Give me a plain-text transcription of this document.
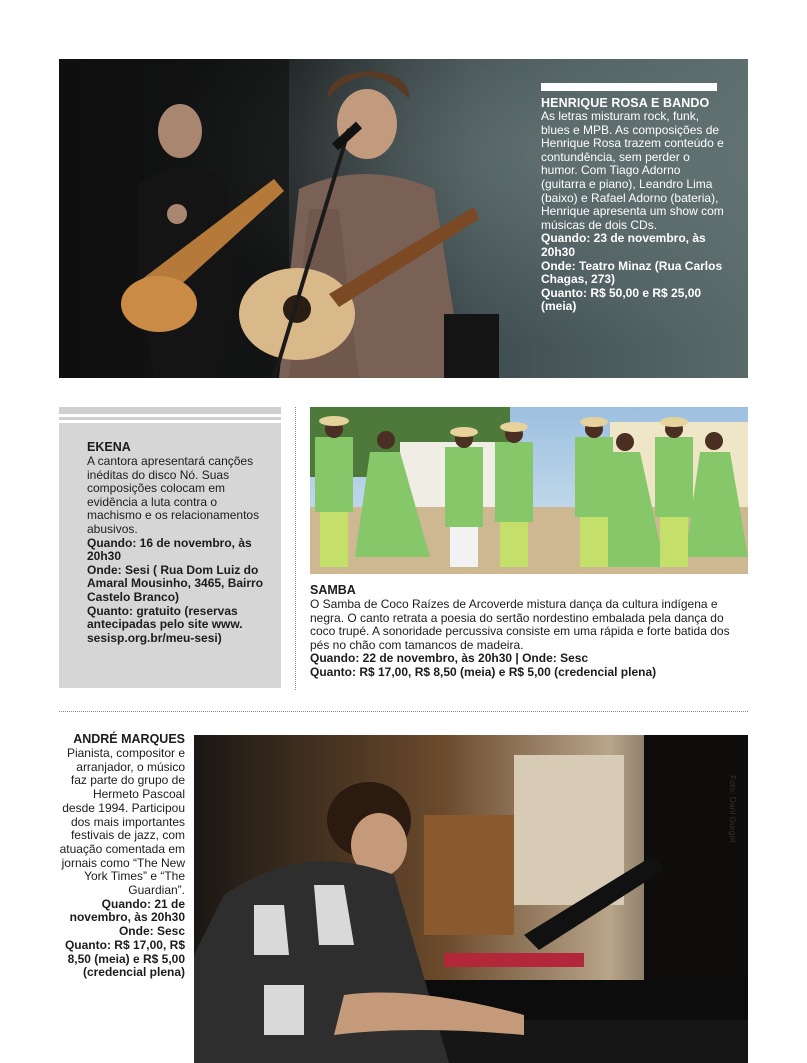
HENRIQUE ROSA E BANDO
As letras misturam rock, funk, blues e MPB. As composições de Henrique Rosa trazem conteúdo e contundência, sem perder o humor. Com Tiago Adorno (guitarra e piano), Leandro Lima (baixo) e Rafael Adorno (bateria), Henrique apresenta um show com músicas de dois CDs.
Quando: 23 de novembro, às 20h30
Onde: Teatro Minaz (Rua Carlos Chagas, 273)
Quanto: R$ 50,00 e R$ 25,00 (meia)
EKENA
A cantora apresentará canções inéditas do disco Nó. Suas composições colocam em evidência a luta contra o machismo e os relacionamentos abusivos.
Quando: 16 de novembro, às 20h30
Onde: Sesi ( Rua Dom Luiz do Amaral Mousinho, 3465, Bairro Castelo Branco)
Quanto: gratuito (reservas antecipadas pelo site www. sesisp.org.br/meu-sesi)
SAMBA
O Samba de Coco Raízes de Arcoverde mistura dança da cultura indígena e negra. O canto retrata a poesia do sertão nordestino embalada pela dança do coco trupé. A sonoridade percussiva consiste em uma rápida e forte batida dos pés no chão com tamancos de madeira.
Quando: 22 de novembro, às 20h30 | Onde: Sesc
Quanto: R$ 17,00, R$ 8,50 (meia) e R$ 5,00 (credencial plena)
ANDRÉ MARQUES
Pianista, compositor e arranjador, o músico faz parte do grupo de Hermeto Pascoal desde 1994. Participou dos mais importantes festivais de jazz, com atuação comentada em jornais como “The New York Times” e “The Guardian”.
Quando: 21 de novembro, às 20h30
Onde: Sesc
Quanto: R$ 17,00, R$ 8,50 (meia) e R$ 5,00 (credencial plena)
Foto: Dani Gurgel
